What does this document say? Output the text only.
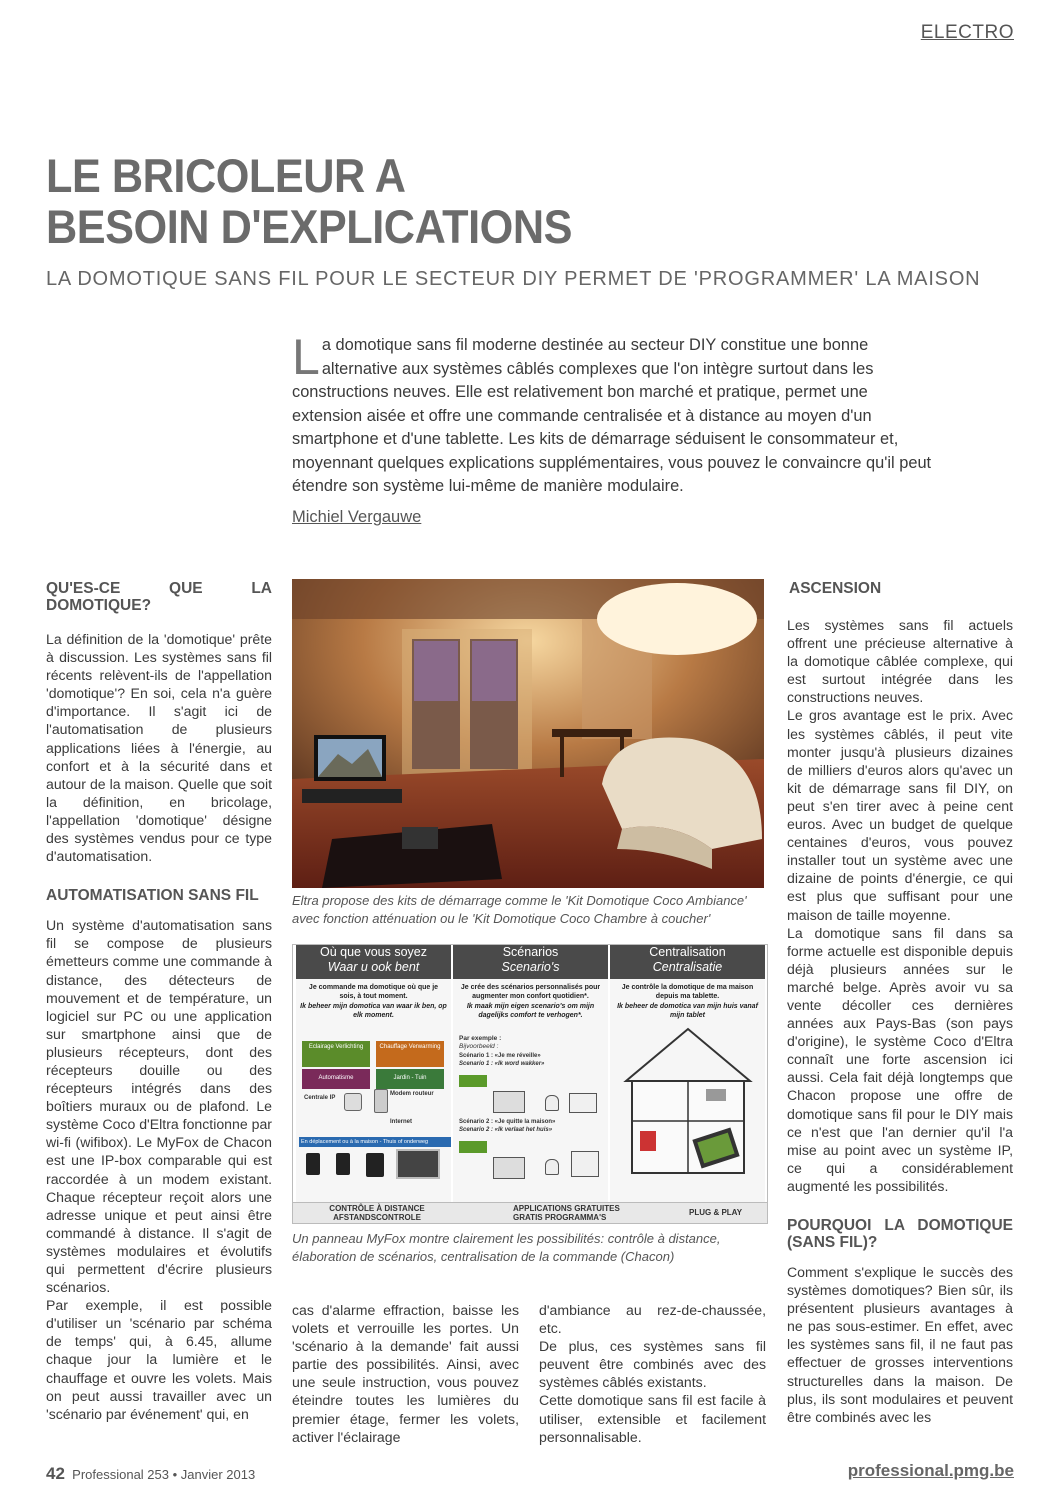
ELECTRO
LE BRICOLEUR A
BESOIN D'EXPLICATIONS
LA DOMOTIQUE SANS FIL POUR LE SECTEUR DIY PERMET DE 'PROGRAMMER' LA MAISON
La domotique sans fil moderne destinée au secteur DIY constitue une bonne alternative aux systèmes câblés complexes que l'on intègre surtout dans les constructions neuves. Elle est relativement bon marché et pratique, permet une extension aisée et offre une commande centralisée et à distance au moyen d'un smartphone et d'une tablette. Les kits de démarrage séduisent le consommateur et, moyennant quelques explications supplémentaires, vous pouvez le convaincre qu'il peut étendre son système lui-même de manière modulaire.
Michiel Vergauwe

QU'ES-CE QUE LA DOMOTIQUE?

La définition de la 'domotique' prête à discussion. Les systèmes sans fil récents relèvent-ils de l'appellation 'domotique'? En soi, cela n'a guère d'importance. Il s'agit ici de l'automatisation de plusieurs applications liées à l'énergie, au confort et à la sécurité dans et autour de la maison. Quelle que soit la définition, en bricolage, l'appellation 'domotique' désigne des systèmes vendus pour ce type d'automatisation.

AUTOMATISATION SANS FIL

Un système d'automatisation sans fil se compose de plusieurs émetteurs comme une commande à distance, des détecteurs de mouvement et de température, un logiciel sur PC ou une application sur smartphone ainsi que de plusieurs récepteurs, dont des récepteurs douille ou des récepteurs intégrés dans des boîtiers muraux ou de plafond. Le système Coco d'Eltra fonctionne par wi-fi (wifibox). Le MyFox de Chacon est une IP-box comparable qui est raccordée à un modem existant. Chaque récepteur reçoit alors une adresse unique et peut ainsi être commandé à distance. Il s'agit de systèmes modulaires et évolutifs qui permettent d'écrire plusieurs scénarios.

Par exemple, il est possible d'utiliser un 'scénario par schéma de temps' qui, à 6.45, allume chaque jour la lumière et le chauffage et ouvre les volets. Mais on peut aussi travailler avec un 'scénario par événement' qui, en

Eltra propose des kits de démarrage comme le 'Kit Domotique Coco Ambiance' avec fonction atténuation ou le 'Kit Domotique Coco Chambre à coucher'
Où que vous soyez
Waar u ook bent
Je commande ma domotique où que je sois, à tout moment.
Ik beheer mijn domotica van waar ik ben, op elk moment.
Eclairage Verlichting	Chauffage Verwarming
Automatisme	Jardin - Tuin
Centrale IP
Modem routeur
Internet
En déplacement ou à la maison - Thuis of onderweg
Scénarios
Scenario's
Je crée des scénarios personnalisés pour augmenter mon confort quotidien*.
Ik maak mijn eigen scenario's om mijn dagelijks comfort te verhogen*.
Par exemple :
Bijvoorbeeld :
Scénario 1 : «Je me réveille»
Scenario 1 : «Ik word wakker»
Scénario 2 : «Je quitte la maison»
Scenario 2 : «Ik verlaat het huis»
Centralisation
Centralisatie
Je contrôle la domotique de ma maison depuis ma tablette.
Ik beheer de domotica van mijn huis vanaf mijn tablet
CONTRÔLE À DISTANCE
AFSTANDSCONTROLE
APPLICATIONS GRATUITES
GRATIS PROGRAMMA'S
PLUG & PLAY
Un panneau MyFox montre clairement les possibilités: contrôle à distance, élaboration de scénarios, centralisation de la commande (Chacon)

cas d'alarme effraction, baisse les volets et verrouille les portes. Un 'scénario à la demande' fait aussi partie des possibilités. Ainsi, avec une seule instruction, vous pouvez éteindre toutes les lumières du premier étage, fermer les volets, activer l'éclairage

d'ambiance au rez-de-chaussée, etc.

De plus, ces systèmes sans fil peuvent être combinés avec des systèmes câblés existants.

Cette domotique sans fil est facile à utiliser, extensible et facilement personnalisable.

ASCENSION

Les systèmes sans fil actuels offrent une précieuse alternative à la domotique câblée complexe, qui est surtout intégrée dans les constructions neuves.

Le gros avantage est le prix. Avec les systèmes câblés, il peut vite monter jusqu'à plusieurs dizaines de milliers d'euros alors qu'avec un kit de démarrage sans fil DIY, on peut s'en tirer avec à peine cent euros. Avec un budget de quelque centaines d'euros, vous pouvez installer tout un système avec une dizaine de points d'énergie, ce qui est plus que suffisant pour une maison de taille moyenne.

La domotique sans fil dans sa forme actuelle est disponible depuis déjà plusieurs années sur le marché belge. Après avoir vu sa vente décoller ces dernières années aux Pays-Bas (son pays d'origine), le système Coco d'Eltra connaît une forte ascension ici aussi. Cela fait déjà longtemps que Chacon propose une offre de domotique sans fil pour le DIY mais ce n'est que l'an dernier qu'il l'a mise au point avec un système IP, ce qui a considérablement augmenté les possibilités.

POURQUOI LA DOMOTIQUE (SANS FIL)?

Comment s'explique le succès des systèmes domotiques? Bien sûr, ils présentent plusieurs avantages à ne pas sous-estimer. En effet, avec les systèmes sans fil, il ne faut pas effectuer de grosses interventions structurelles dans la maison. De plus, ils sont modulaires et peuvent être combinés avec les

42 Professional 253 • Janvier 2013	professional.pmg.be
